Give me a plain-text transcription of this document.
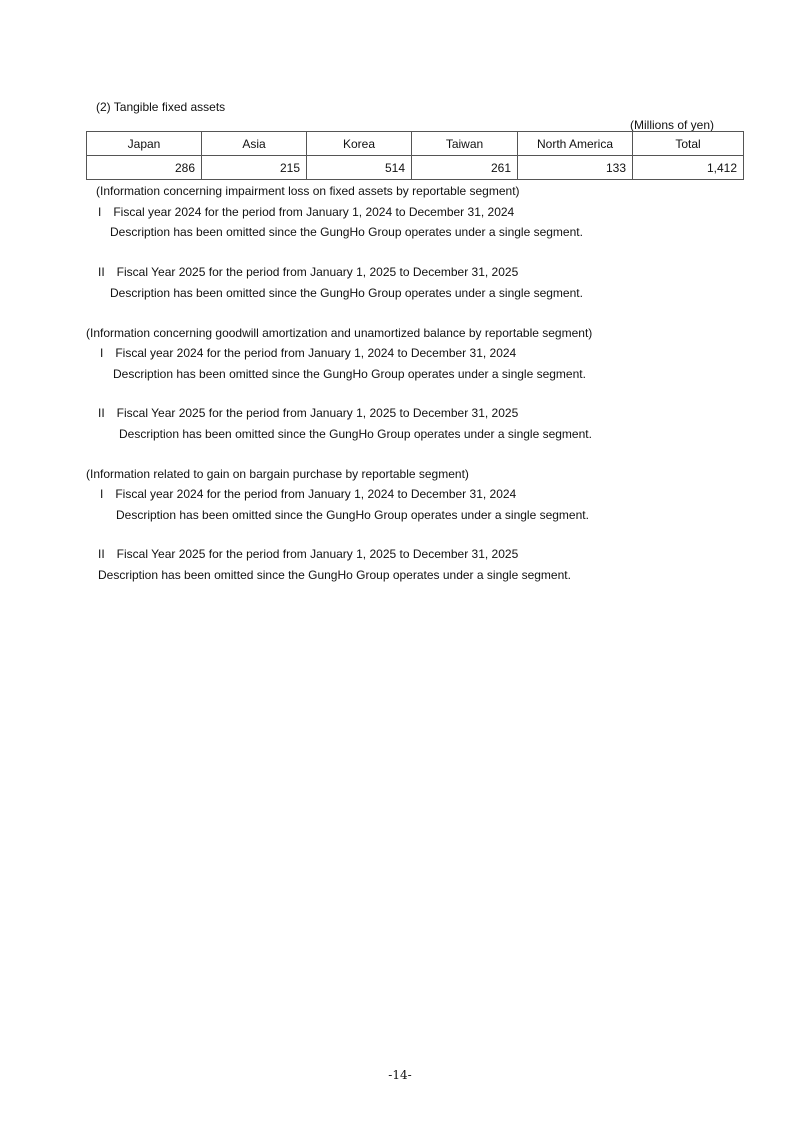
(2) Tangible fixed assets
(Millions of yen)
Japan	Asia	Korea	Taiwan	North America	Total
286	215	514	261	133	1,412
(Information concerning impairment loss on fixed assets by reportable segment)
I　Fiscal year 2024 for the period from January 1, 2024 to December 31, 2024
Description has been omitted since the GungHo Group operates under a single segment.
II　Fiscal Year 2025 for the period from January 1, 2025 to December 31, 2025
Description has been omitted since the GungHo Group operates under a single segment.
(Information concerning goodwill amortization and unamortized balance by reportable segment)
I　Fiscal year 2024 for the period from January 1, 2024 to December 31, 2024
Description has been omitted since the GungHo Group operates under a single segment.
II　Fiscal Year 2025 for the period from January 1, 2025 to December 31, 2025
Description has been omitted since the GungHo Group operates under a single segment.
(Information related to gain on bargain purchase by reportable segment)
I　Fiscal year 2024 for the period from January 1, 2024 to December 31, 2024
Description has been omitted since the GungHo Group operates under a single segment.
II　Fiscal Year 2025 for the period from January 1, 2025 to December 31, 2025
Description has been omitted since the GungHo Group operates under a single segment.
-14-
